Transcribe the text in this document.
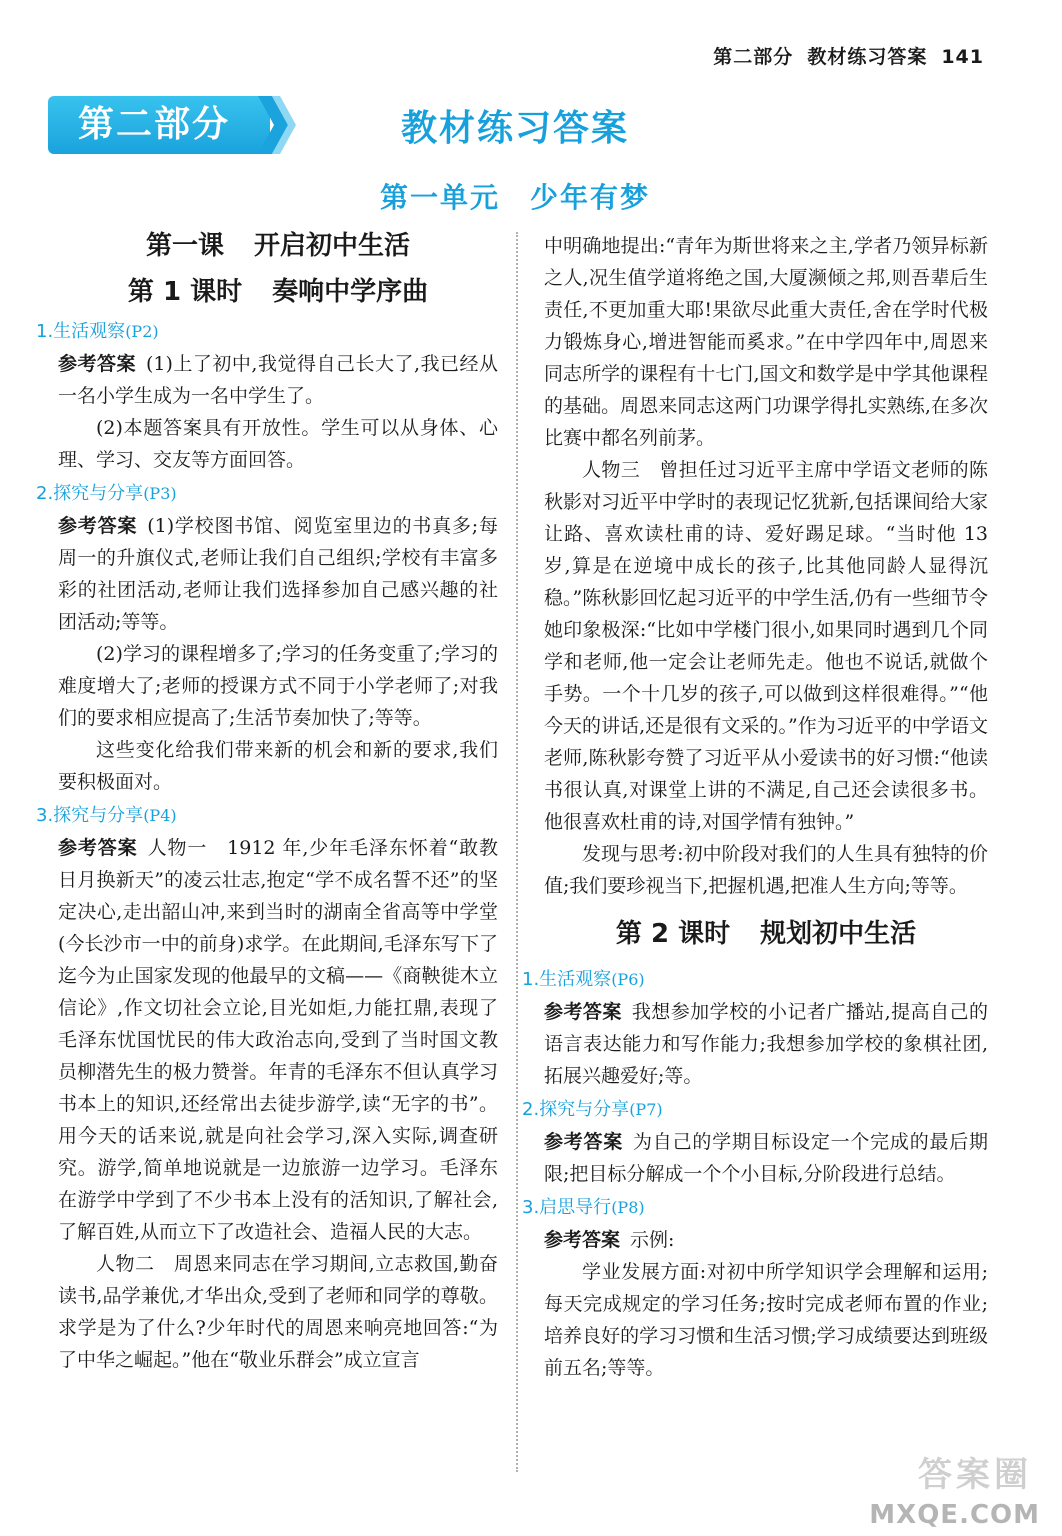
第二部分 教材练习答案 141
第二部分	教材练习答案
第一单元 少年有梦
第一课 开启初中生活
第 1 课时 奏响中学序曲
1.生活观察(P2)

参考答案 (1)上了初中,我觉得自己长大了,我已经从一名小学生成为一名中学生了。

(2)本题答案具有开放性。学生可以从身体、心理、学习、交友等方面回答。

2.探究与分享(P3)

参考答案 (1)学校图书馆、阅览室里边的书真多;每周一的升旗仪式,老师让我们自己组织;学校有丰富多彩的社团活动,老师让我们选择参加自己感兴趣的社团活动;等等。

(2)学习的课程增多了;学习的任务变重了;学习的难度增大了;老师的授课方式不同于小学老师了;对我们的要求相应提高了;生活节奏加快了;等等。

这些变化给我们带来新的机会和新的要求,我们要积极面对。

3.探究与分享(P4)

参考答案 人物一　1912 年,少年毛泽东怀着“敢教日月换新天”的凌云壮志,抱定“学不成名誓不还”的坚定决心,走出韶山冲,来到当时的湖南全省高等中学堂(今长沙市一中的前身)求学。在此期间,毛泽东写下了迄今为止国家发现的他最早的文稿——《商鞅徙木立信论》,作文切社会立论,目光如炬,力能扛鼎,表现了毛泽东忧国忧民的伟大政治志向,受到了当时国文教员柳潜先生的极力赞誉。年青的毛泽东不但认真学习书本上的知识,还经常出去徒步游学,读“无字的书”。用今天的话来说,就是向社会学习,深入实际,调查研究。游学,简单地说就是一边旅游一边学习。毛泽东在游学中学到了不少书本上没有的活知识,了解社会,了解百姓,从而立下了改造社会、造福人民的大志。

人物二　周恩来同志在学习期间,立志救国,勤奋读书,品学兼优,才华出众,受到了老师和同学的尊敬。求学是为了什么?少年时代的周恩来响亮地回答:“为了中华之崛起。”他在“敬业乐群会”成立宣言

中明确地提出:“青年为斯世将来之主,学者乃领异标新之人,况生值学道将绝之国,大厦濒倾之邦,则吾辈后生责任,不更加重大耶!果欲尽此重大责任,舍在学时代极力锻炼身心,增进智能而奚求。”在中学四年中,周恩来同志所学的课程有十七门,国文和数学是中学其他课程的基础。周恩来同志这两门功课学得扎实熟练,在多次比赛中都名列前茅。

人物三　曾担任过习近平主席中学语文老师的陈秋影对习近平中学时的表现记忆犹新,包括课间给大家让路、喜欢读杜甫的诗、爱好踢足球。“当时他 13 岁,算是在逆境中成长的孩子,比其他同龄人显得沉稳。”陈秋影回忆起习近平的中学生活,仍有一些细节令她印象极深:“比如中学楼门很小,如果同时遇到几个同学和老师,他一定会让老师先走。他也不说话,就做个手势。一个十几岁的孩子,可以做到这样很难得。”“他今天的讲话,还是很有文采的。”作为习近平的中学语文老师,陈秋影夸赞了习近平从小爱读书的好习惯:“他读书很认真,对课堂上讲的不满足,自己还会读很多书。他很喜欢杜甫的诗,对国学情有独钟。”

发现与思考:初中阶段对我们的人生具有独特的价值;我们要珍视当下,把握机遇,把准人生方向;等等。

第 2 课时 规划初中生活
1.生活观察(P6)

参考答案 我想参加学校的小记者广播站,提高自己的语言表达能力和写作能力;我想参加学校的象棋社团,拓展兴趣爱好;等。

2.探究与分享(P7)

参考答案 为自己的学期目标设定一个完成的最后期限;把目标分解成一个个小目标,分阶段进行总结。

3.启思导行(P8)

参考答案 示例:

学业发展方面:对初中所学知识学会理解和运用;每天完成规定的学习任务;按时完成老师布置的作业;培养良好的学习习惯和生活习惯;学习成绩要达到班级前五名;等等。

答案圈
MXQE.COM
